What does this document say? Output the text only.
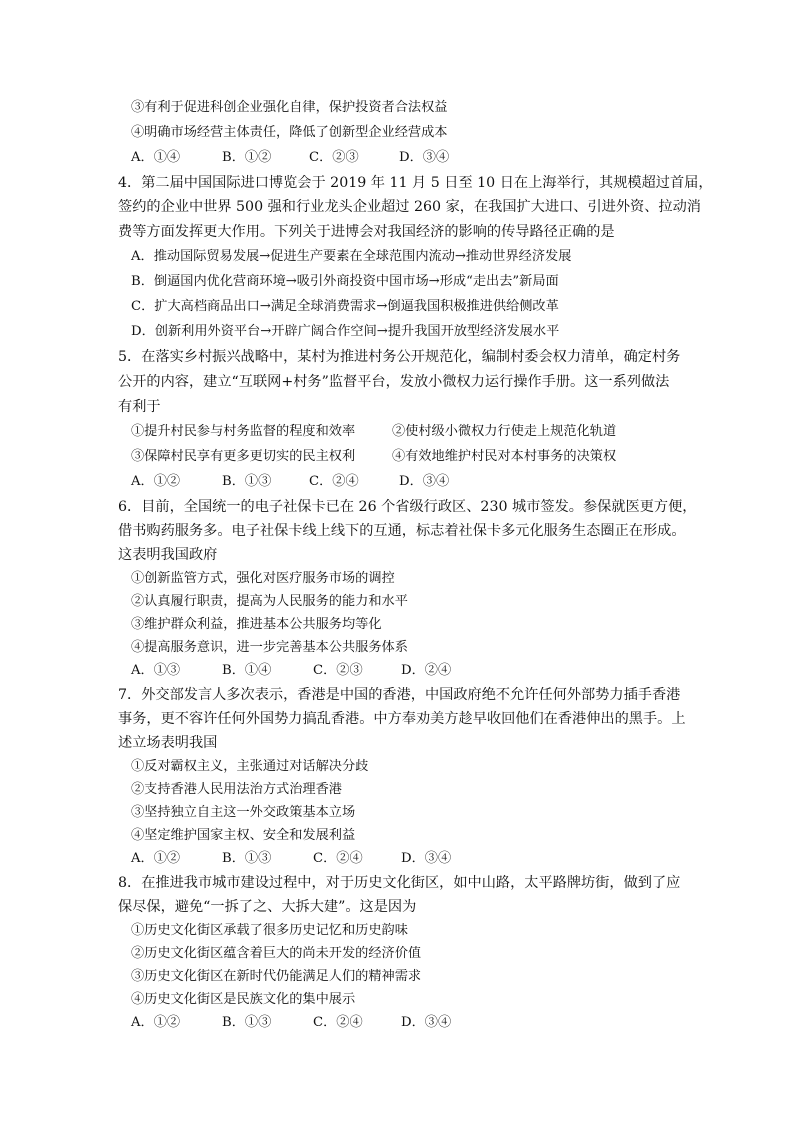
③有利于促进科创企业强化自律，保护投资者合法权益
④明确市场经营主体责任，降低了创新型企业经营成本
A．①④	B．①②	C．②③	D．③④
4．第二届中国国际进口博览会于 2019 年 11 月 5 日至 10 日在上海举行，其规模超过首届，
签约的企业中世界 500 强和行业龙头企业超过 260 家，在我国扩大进口、引进外资、拉动消
费等方面发挥更大作用。下列关于进博会对我国经济的影响的传导路径正确的是
A．推动国际贸易发展→促进生产要素在全球范围内流动→推动世界经济发展
B．倒逼国内优化营商环境→吸引外商投资中国市场→形成“走出去”新局面
C．扩大高档商品出口→满足全球消费需求→倒逼我国积极推进供给侧改革
D．创新利用外资平台→开辟广阔合作空间→提升我国开放型经济发展水平
5．在落实乡村振兴战略中，某村为推进村务公开规范化，编制村委会权力清单，确定村务
公开的内容，建立“互联网+村务”监督平台，发放小微权力运行操作手册。这一系列做法
有利于
①提升村民参与村务监督的程度和效率	②使村级小微权力行使走上规范化轨道
③保障村民享有更多更切实的民主权利	④有效地维护村民对本村事务的决策权
A．①②	B．①③	C．②④	D．③④
6．目前，全国统一的电子社保卡已在 26 个省级行政区、230 城市签发。参保就医更方便，
借书购药服务多。电子社保卡线上线下的互通，标志着社保卡多元化服务生态圈正在形成。
这表明我国政府
①创新监管方式，强化对医疗服务市场的调控
②认真履行职责，提高为人民服务的能力和水平
③维护群众利益，推进基本公共服务均等化
④提高服务意识，进一步完善基本公共服务体系
A．①③	B．①④	C．②③	D．②④
7．外交部发言人多次表示，香港是中国的香港，中国政府绝不允许任何外部势力插手香港
事务，更不容许任何外国势力搞乱香港。中方奉劝美方趁早收回他们在香港伸出的黑手。上
述立场表明我国
①反对霸权主义，主张通过对话解决分歧
②支持香港人民用法治方式治理香港
③坚持独立自主这一外交政策基本立场
④坚定维护国家主权、安全和发展利益
A．①②	B．①③	C．②④	D．③④
8．在推进我市城市建设过程中，对于历史文化街区，如中山路，太平路牌坊街，做到了应
保尽保，避免“一拆了之、大拆大建”。这是因为
①历史文化街区承载了很多历史记忆和历史韵味
②历史文化街区蕴含着巨大的尚未开发的经济价值
③历史文化街区在新时代仍能满足人们的精神需求
④历史文化街区是民族文化的集中展示
A．①②	B．①③	C．②④	D．③④
